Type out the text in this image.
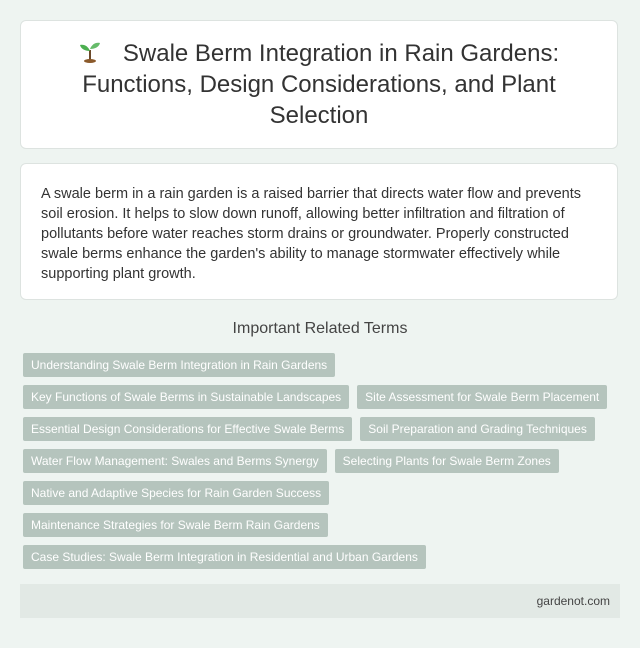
Swale Berm Integration in Rain Gardens: Functions, Design Considerations, and Plant Selection

A swale berm in a rain garden is a raised barrier that directs water flow and prevents soil erosion. It helps to slow down runoff, allowing better infiltration and filtration of pollutants before water reaches storm drains or groundwater. Properly constructed swale berms enhance the garden's ability to manage stormwater effectively while supporting plant growth.

Important Related Terms
Understanding Swale Berm Integration in Rain Gardens
Key Functions of Swale Berms in Sustainable Landscapes	Site Assessment for Swale Berm Placement
Essential Design Considerations for Effective Swale Berms	Soil Preparation and Grading Techniques
Water Flow Management: Swales and Berms Synergy	Selecting Plants for Swale Berm Zones
Native and Adaptive Species for Rain Garden Success
Maintenance Strategies for Swale Berm Rain Gardens
Case Studies: Swale Berm Integration in Residential and Urban Gardens
gardenot.com
